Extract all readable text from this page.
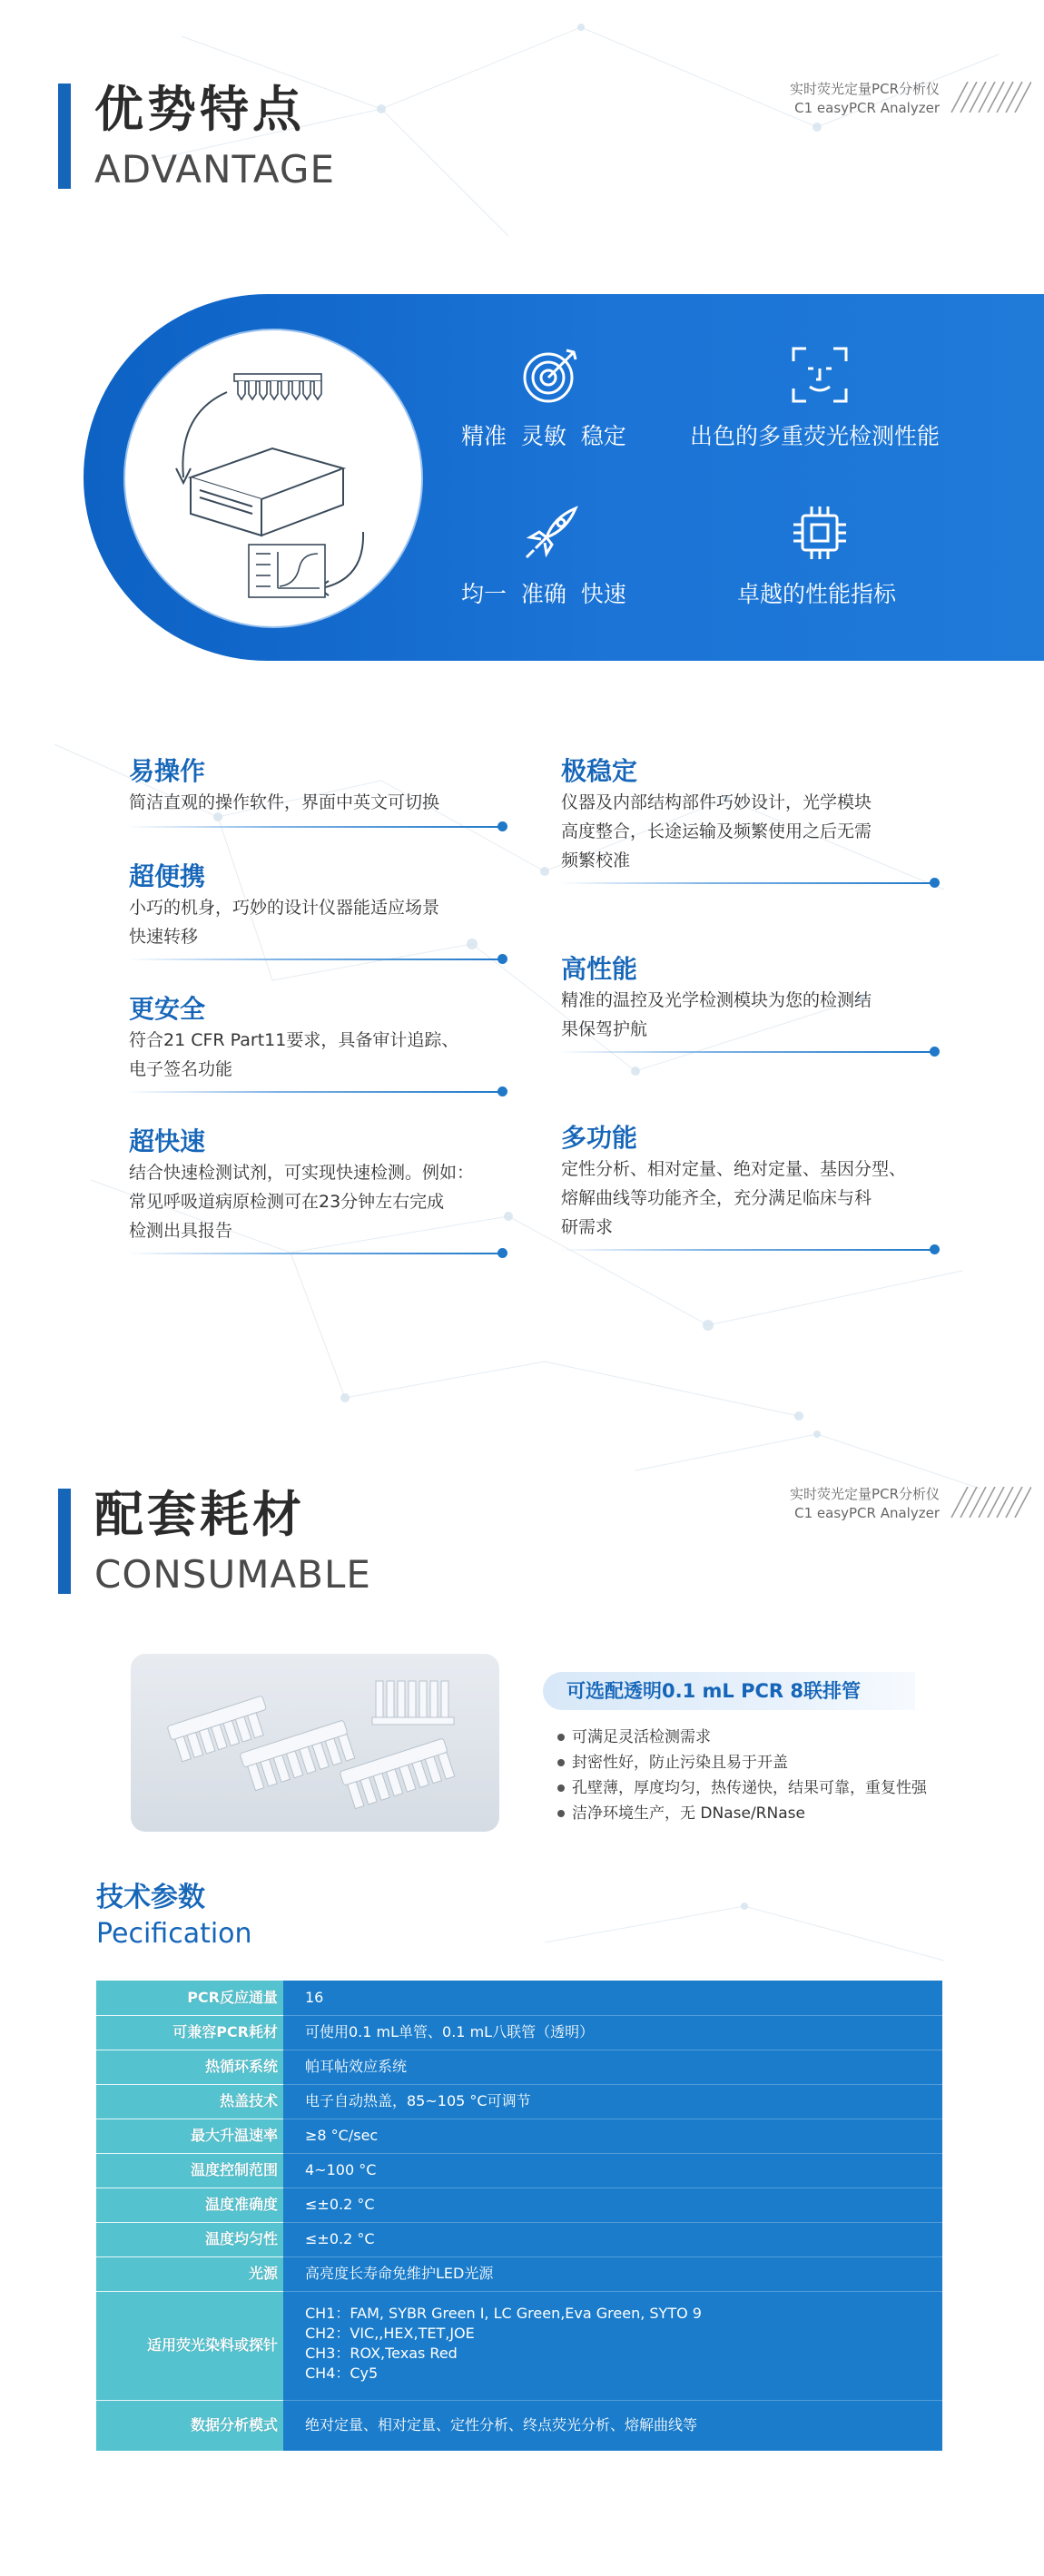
优势特点
ADVANTAGE
实时荧光定量PCR分析仪
C1 easyPCR Analyzer
精准  灵敏  稳定	出色的多重荧光检测性能
均一  准确  快速	卓越的性能指标
易操作
简洁直观的操作软件，界面中英文可切换
超便携
小巧的机身，巧妙的设计仪器能适应场景
快速转移
更安全
符合21 CFR Part11要求，具备审计追踪、
电子签名功能
超快速
结合快速检测试剂，可实现快速检测。例如：
常见呼吸道病原检测可在23分钟左右完成
检测出具报告
极稳定
仪器及内部结构部件巧妙设计，光学模块
高度整合，长途运输及频繁使用之后无需
频繁校准
高性能
精准的温控及光学检测模块为您的检测结
果保驾护航
多功能
定性分析、相对定量、绝对定量、基因分型、
熔解曲线等功能齐全，充分满足临床与科
研需求
配套耗材
CONSUMABLE
实时荧光定量PCR分析仪
C1 easyPCR Analyzer
可选配透明0.1 mL PCR 8联排管
可满足灵活检测需求
封密性好，防止污染且易于开盖
孔壁薄，厚度均匀，热传递快，结果可靠，重复性强
洁净环境生产，无 DNase/RNase
技术参数
Pecification
PCR反应通量 16
可兼容PCR耗材 可使用0.1 mL单管、0.1 mL八联管（透明）
热循环系统 帕耳帖效应系统
热盖技术 电子自动热盖，85~105 °C可调节
最大升温速率 ≥8 °C/sec
温度控制范围 4~100 °C
温度准确度 ≤±0.2 °C
温度均匀性 ≤±0.2 °C
光源 高亮度长寿命免维护LED光源
适用荧光染料或探针
CH1：FAM, SYBR Green Ⅰ, LC Green,Eva Green, SYTO 9
CH2：VIC,,HEX,TET,JOE
CH3：ROX,Texas Red
CH4：Cy5
数据分析模式 绝对定量、相对定量、定性分析、终点荧光分析、熔解曲线等
